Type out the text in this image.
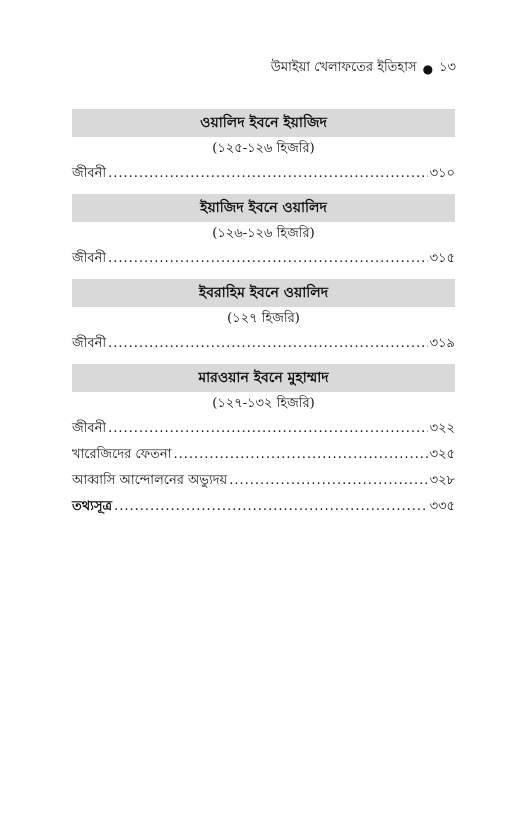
উমাইয়া খেলাফতের ইতিহাস ● ১৩
ওয়ালিদ ইবনে ইয়াজিদ
(১২৫-১২৬ হিজরি)
জীবনী .....	৩১০
ইয়াজিদ ইবনে ওয়ালিদ
(১২৬-১২৬ হিজরি)
জীবনী .....	৩১৫
ইবরাহিম ইবনে ওয়ালিদ
(১২৭ হিজরি)
জীবনী .....	৩১৯
মারওয়ান ইবনে মুহাম্মাদ
(১২৭-১৩২ হিজরি)
জীবনী .....	৩২২
খারেজিদের ফেতনা .....	৩২৫
আব্বাসি আন্দোলনের অভ্যুদয় .....	৩২৮
তথ্যসূত্র .....	৩৩৫
